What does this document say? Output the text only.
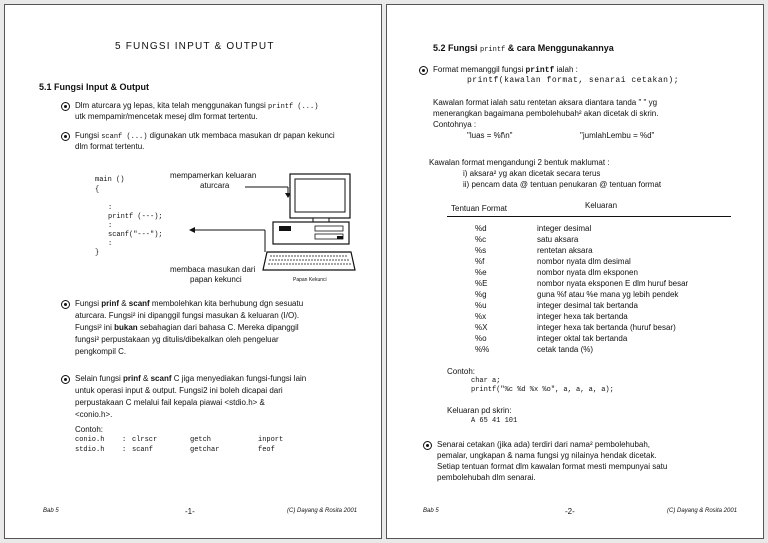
5 FUNGSI INPUT & OUTPUT
5.1 Fungsi Input & Output
Dlm aturcara yg lepas, kita telah menggunakan fungsi printf (...)
utk mempamir/mencetak mesej dlm format tertentu.
Fungsi scanf (...) digunakan utk membaca masukan dr papan kekunci
dlm format tertentu.
main ()
{
:
printf (---);
:
scanf("---");
:
}
mempamerkan keluaran
aturcara
membaca masukan dari
papan kekunci	Papan Kekunci
Fungsi prinf & scanf membolehkan kita berhubung dgn sesuatu
aturcara. Fungsi² ini dipanggil fungsi masukan & keluaran (I/O).
Fungsi² ini bukan sebahagian dari bahasa C. Mereka dipanggil
fungsi² perpustakaan yg ditulis/dibekalkan oleh pengeluar
pengkompil C.
Selain fungsi prinf & scanf C jiga menyediakan fungsi-fungsi lain
untuk operasi input & output. Fungsi2 ini boleh dicapai dari
perpustakaan C melalui fail kepala piawai <stdio.h> &
<conio.h>.
Contoh:
conio.h	: clrscr	getch	inport
stdio.h	: scanf	getchar	feof
Bab 5	-1-	(C) Dayang & Rosita 2001
5.2 Fungsi printf & cara Menggunakannya
Format memanggil fungsi printf ialah :
printf(kawalan format, senarai cetakan);
Kawalan format ialah satu rentetan aksara diantara tanda " " yg
menerangkan bagaimana pembolehubah² akan dicetak di skrin.
Contohnya :
"luas = %f\n"	"jumlahLembu = %d"
Kawalan format mengandungi 2 bentuk maklumat :
i) aksara² yg akan dicetak secara terus
ii) pencam data @ tentuan penukaran @ tentuan format
Tentuan Format	Keluaran
%d	integer desimal
%c	satu aksara
%s	rentetan aksara
%f	nombor nyata dlm desimal
%e	nombor nyata dlm eksponen
%E	nombor nyata eksponen E dlm huruf besar
%g	guna %f atau %e mana yg lebih pendek
%u	integer desimal tak bertanda
%x	integer hexa tak bertanda
%X	integer hexa tak bertanda (huruf besar)
%o	integer oktal tak bertanda
%%	cetak tanda (%)
Contoh:
char a;
printf("%c %d %x %o", a, a, a, a);
Keluaran pd skrin:
A 65 41 101
Senarai cetakan (jika ada) terdiri dari nama² pembolehubah,
pemalar, ungkapan & nama fungsi yg nilainya hendak dicetak.
Setiap tentuan format dlm kawalan format mesti mempunyai satu
pembolehubah dlm senarai.
Bab 5	-2-	(C) Dayang & Rosita 2001
